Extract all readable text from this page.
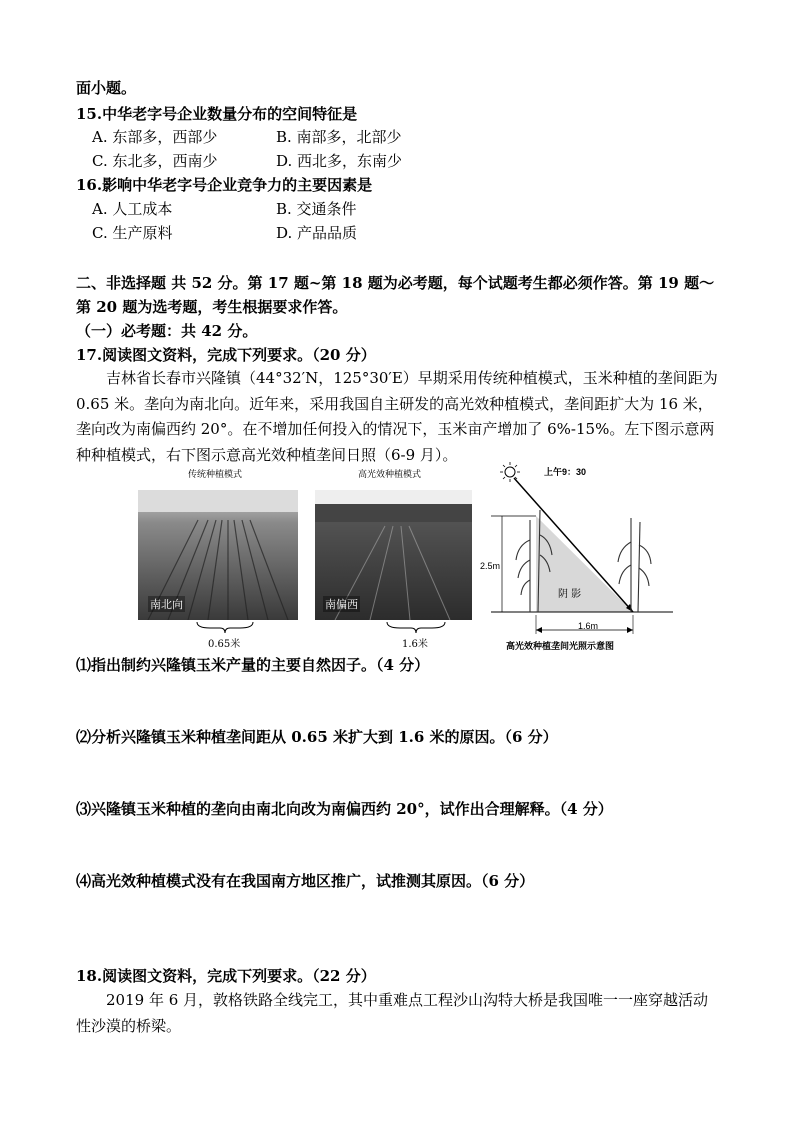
面小题。
15.中华老字号企业数量分布的空间特征是
A. 东部多，西部少	B. 南部多，北部少
C. 东北多，西南少	D. 西北多，东南少
16.影响中华老字号企业竞争力的主要因素是
A. 人工成本	B. 交通条件
C. 生产原料	D. 产品品质
二、非选择题 共 52 分。第 17 题~第 18 题为必考题，每个试题考生都必须作答。第 19 题～
第 20 题为选考题，考生根据要求作答。
（一）必考题：共 42 分。
17.阅读图文资料，完成下列要求。（20 分）
吉林省长春市兴隆镇（44°32′N，125°30′E）早期采用传统种植模式，玉米种植的垄间距为 0.65 米。垄向为南北向。近年来，采用我国自主研发的高光效种植模式，垄间距扩大为 16 米，垄向改为南偏西约 20°。在不增加任何投入的情况下，玉米亩产增加了 6%-15%。左下图示意两种种植模式，右下图示意高光效种植垄间日照（6-9 月）。
传统种植模式
南北向
0.65米
高光效种植模式
南偏西
1.6米
上午9：30
2.5m
阴 影
1.6m
高光效种植垄间光照示意图
⑴指出制约兴隆镇玉米产量的主要自然因子。（4 分）
⑵分析兴隆镇玉米种植垄间距从 0.65 米扩大到 1.6 米的原因。（6 分）
⑶兴隆镇玉米种植的垄向由南北向改为南偏西约 20°，试作出合理解释。（4 分）
⑷高光效种植模式没有在我国南方地区推广，试推测其原因。（6 分）
18.阅读图文资料，完成下列要求。（22 分）
2019 年 6 月，敦格铁路全线完工，其中重难点工程沙山沟特大桥是我国唯一一座穿越活动性沙漠的桥梁。
